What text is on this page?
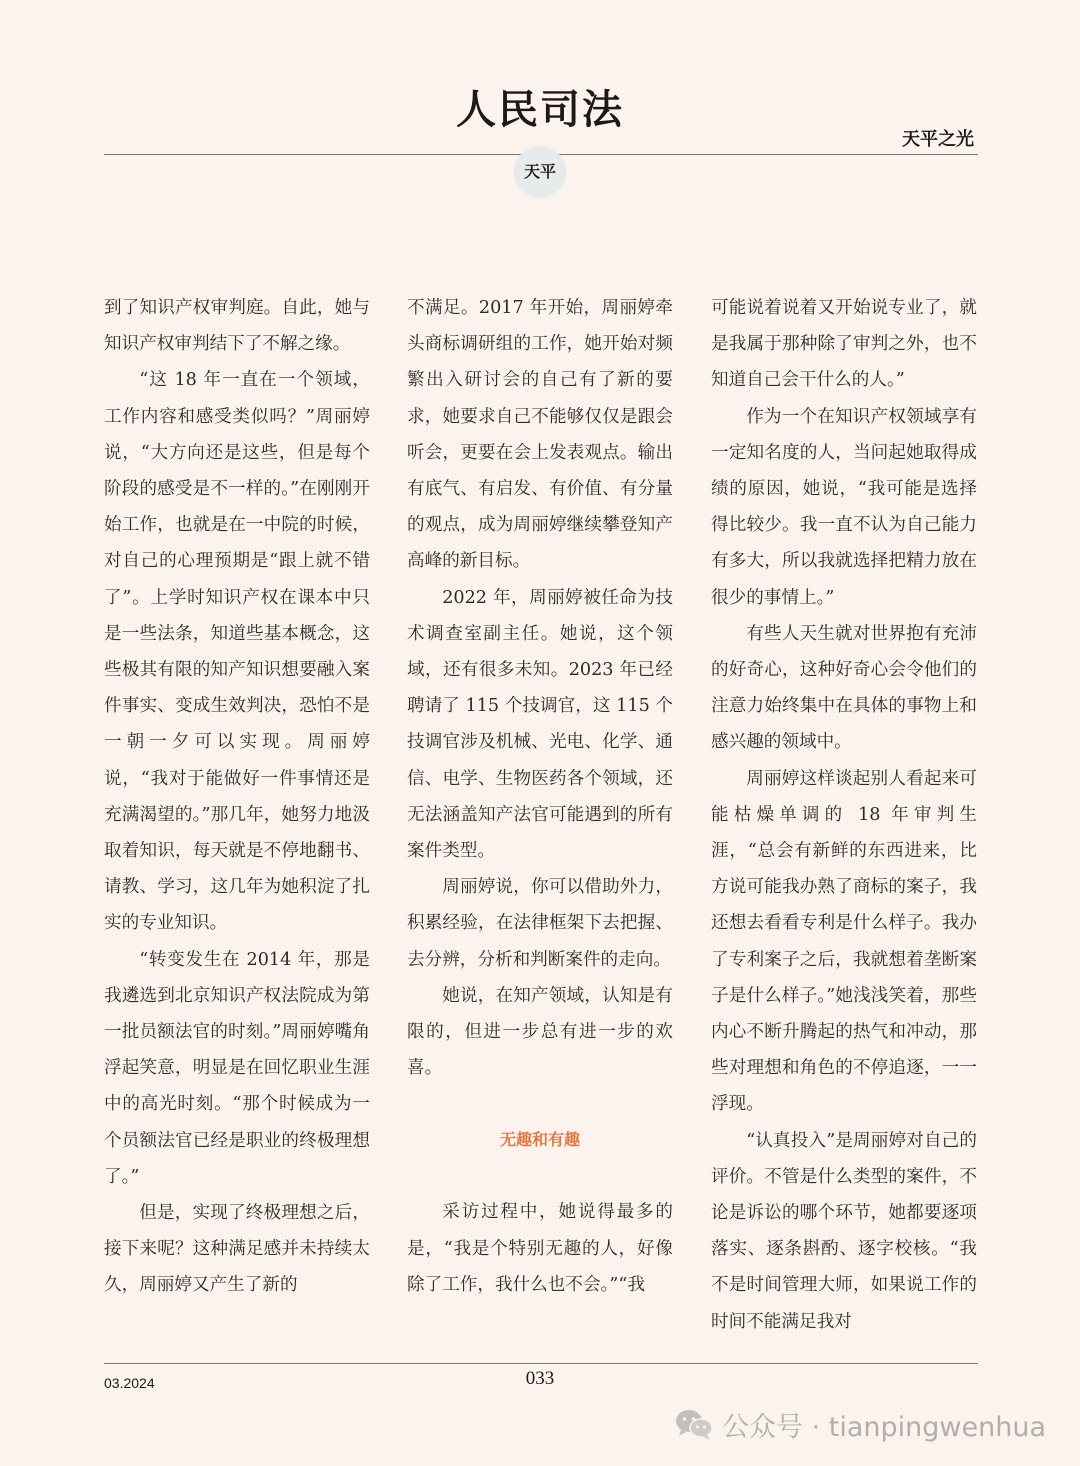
人民司法
天平之光
天平

到了知识产权审判庭。自此，她与知识产权审判结下了不解之缘。

“这 18 年一直在一个领域，工作内容和感受类似吗？”周丽婷说，“大方向还是这些，但是每个阶段的感受是不一样的。”在刚刚开始工作，也就是在一中院的时候，对自己的心理预期是“跟上就不错了”。上学时知识产权在课本中只是一些法条，知道些基本概念，这些极其有限的知产知识想要融入案件事实、变成生效判决，恐怕不是一朝一夕可以实现。周丽婷说，“我对于能做好一件事情还是充满渴望的。”那几年，她努力地汲取着知识，每天就是不停地翻书、请教、学习，这几年为她积淀了扎实的专业知识。

“转变发生在 2014 年，那是我遴选到北京知识产权法院成为第一批员额法官的时刻。”周丽婷嘴角浮起笑意，明显是在回忆职业生涯中的高光时刻。“那个时候成为一个员额法官已经是职业的终极理想了。”

但是，实现了终极理想之后，接下来呢？这种满足感并未持续太久，周丽婷又产生了新的

不满足。2017 年开始，周丽婷牵头商标调研组的工作，她开始对频繁出入研讨会的自己有了新的要求，她要求自己不能够仅仅是跟会听会，更要在会上发表观点。输出有底气、有启发、有价值、有分量的观点，成为周丽婷继续攀登知产高峰的新目标。

2022 年，周丽婷被任命为技术调查室副主任。她说，这个领域，还有很多未知。2023 年已经聘请了 115 个技调官，这 115 个技调官涉及机械、光电、化学、通信、电学、生物医药各个领域，还无法涵盖知产法官可能遇到的所有案件类型。

周丽婷说，你可以借助外力，积累经验，在法律框架下去把握、去分辨，分析和判断案件的走向。

她说，在知产领域，认知是有限的，但进一步总有进一步的欢喜。

无趣和有趣

采访过程中，她说得最多的是，“我是个特别无趣的人，好像除了工作，我什么也不会。”“我

可能说着说着又开始说专业了，就是我属于那种除了审判之外，也不知道自己会干什么的人。”

作为一个在知识产权领域享有一定知名度的人，当问起她取得成绩的原因，她说，“我可能是选择得比较少。我一直不认为自己能力有多大，所以我就选择把精力放在很少的事情上。”

有些人天生就对世界抱有充沛的好奇心，这种好奇心会令他们的注意力始终集中在具体的事物上和感兴趣的领域中。

周丽婷这样谈起别人看起来可能枯燥单调的 18 年审判生涯，“总会有新鲜的东西进来，比方说可能我办熟了商标的案子，我还想去看看专利是什么样子。我办了专利案子之后，我就想着垄断案子是什么样子。”她浅浅笑着，那些内心不断升腾起的热气和冲动，那些对理想和角色的不停追逐，一一浮现。

“认真投入”是周丽婷对自己的评价。不管是什么类型的案件，不论是诉讼的哪个环节，她都要逐项落实、逐条斟酌、逐字校核。“我不是时间管理大师，如果说工作的时间不能满足我对

03.2024	033
公众号 · tianpingwenhua
